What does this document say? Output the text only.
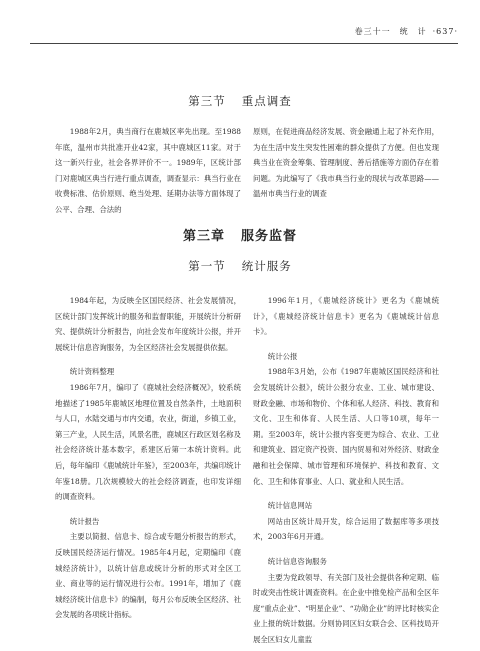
卷三十一　统　计 ·637·
第三节 重点调查

1988年2月，典当商行在鹿城区率先出现。至1988年底，温州市共批准开业42家，其中鹿城区11家。对于这一新兴行业，社会各界评价不一。1989年，区统计部门对鹿城区典当行进行重点调查，调查显示：典当行业在收费标准、估价原则、绝当处理、延期办法等方面体现了公平、合理、合法的

原则，在促进商品经济发展、资金融通上起了补充作用，为在生活中发生突发性困难的群众提供了方便。但也发现典当业在资金筹集、管理制度、善后措施等方面仍存在着问题。为此编写了《我市典当行业的现状与改革思路——温州市典当行业的调查

第三章 服务监督
第一节 统计服务

1984年起，为反映全区国民经济、社会发展情况，区统计部门发挥统计的服务和监督职能，开展统计分析研究、提供统计分析报告，向社会发布年度统计公报，并开展统计信息咨询服务，为全区经济社会发展提供依据。

统计资料整理

1986年7月，编印了《鹿城社会经济概况》，较系统地描述了1985年鹿城区地理位置及自然条件，土地面积与人口，水陆交通与市内交通，农业，街道，乡镇工业，第三产业，人民生活，风景名胜，鹿城区行政区划名称及社会经济统计基本数字，系建区后第一本统计资料。此后，每年编印《鹿城统计年鉴》，至2003年，共编印统计年鉴18册。几次规模较大的社会经济调查，也印发详细的调查资料。

统计报告

主要以简报、信息卡、综合或专题分析报告的形式，反映国民经济运行情况。1985年4月起，定期编印《鹿城经济统计》，以统计信息或统计分析的形式对全区工业、商业等的运行情况进行公布。1991年，增加了《鹿城经济统计信息卡》的编制，每月公布反映全区经济、社会发展的各项统计指标。

1996年1月，《鹿城经济统计》更名为《鹿城统计》，《鹿城经济统计信息卡》更名为《鹿城统计信息卡》。

统计公报

1988年3月始，公布《1987年鹿城区国民经济和社会发展统计公报》，统计公报分农业、工业、城市建设、财政金融、市场和物价、个体和私人经济、科技、教育和文化、卫生和体育、人民生活、人口等10项，每年一期。至2003年，统计公报内容变更为综合、农业、工业和建筑业、固定资产投资、国内贸易和对外经济、财政金融和社会保障、城市管理和环境保护、科技和教育、文化、卫生和体育事业、人口、就业和人民生活。

统计信息网站

网站由区统计局开发，综合运用了数据库等多项技术，2003年6月开通。

统计信息咨询服务

主要为党政领导、有关部门及社会提供各种定期、临时或突击性统计调查资料。在企业中推免检产品和全区年度“重点企业”、“明星企业”、“功勋企业”的评比时核实企业上报的统计数据。分则协同区妇女联合会、区科技局开展全区妇女儿童监
